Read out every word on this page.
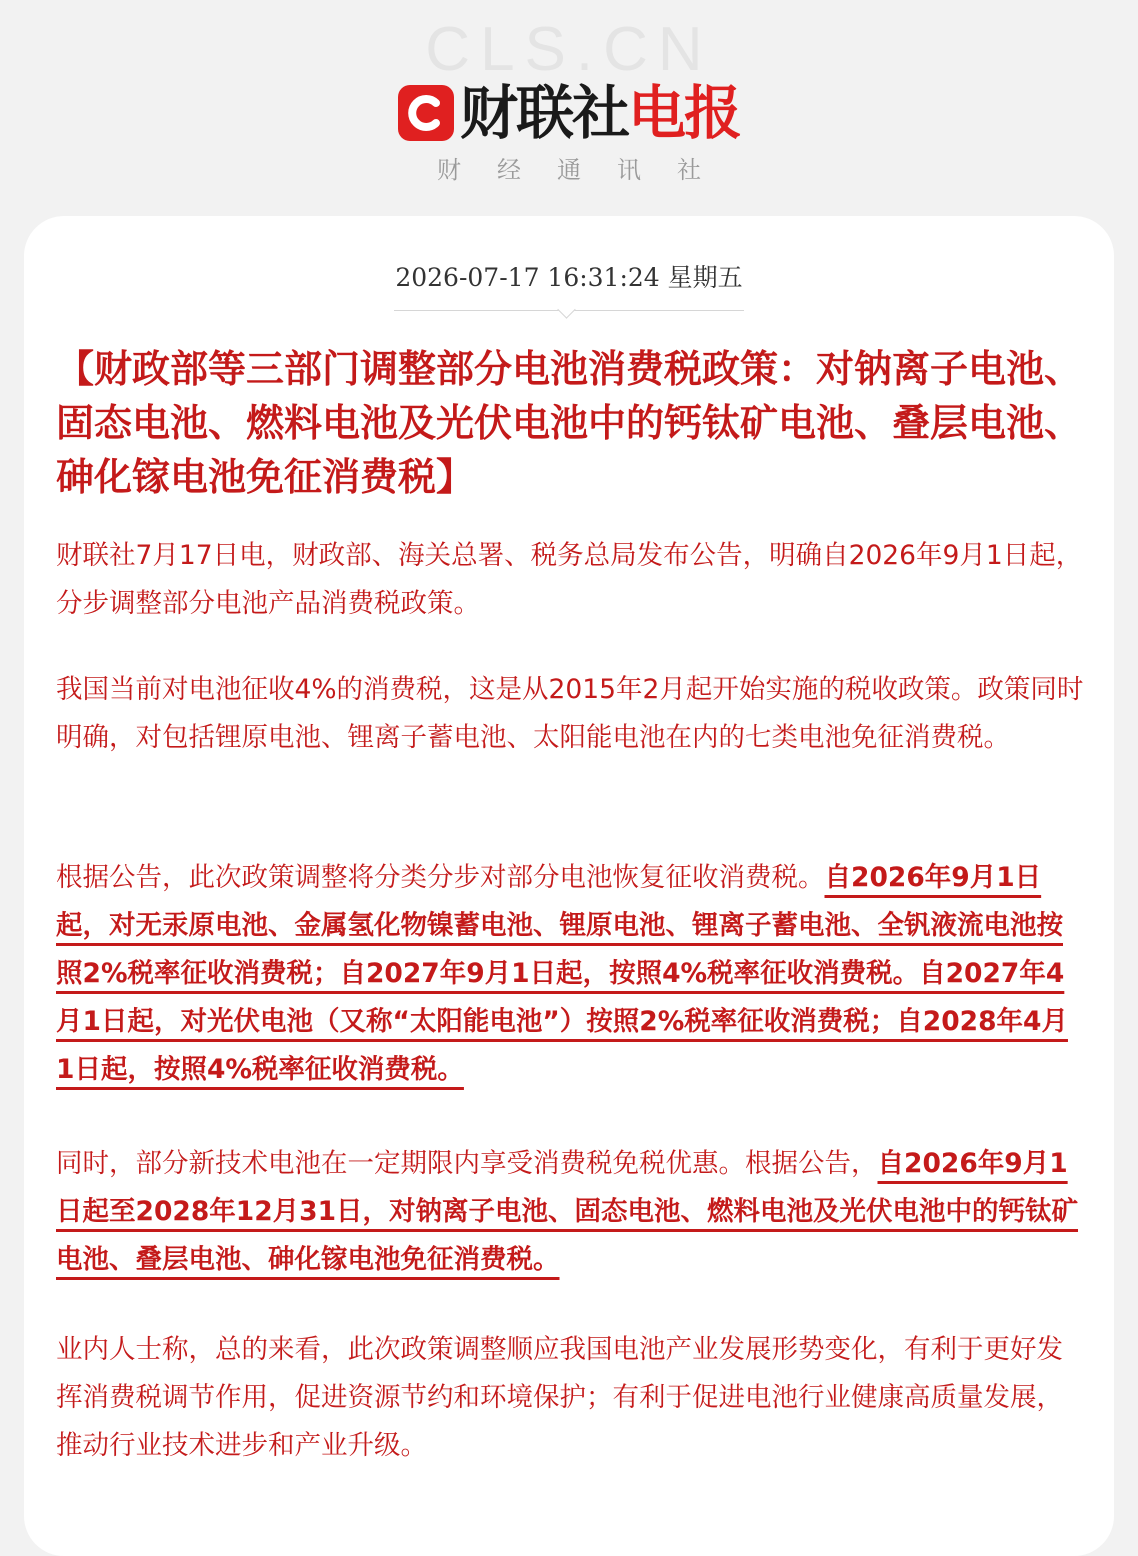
CLS.CN
财联社电报
财经通讯社
2026-07-17 16:31:24 星期五
【财政部等三部门调整部分电池消费税政策：对钠离子电池、固态电池、燃料电池及光伏电池中的钙钛矿电池、叠层电池、砷化镓电池免征消费税】

财联社7月17日电，财政部、海关总署、税务总局发布公告，明确自2026年9月1日起，分步调整部分电池产品消费税政策。

我国当前对电池征收4%的消费税，这是从2015年2月起开始实施的税收政策。政策同时明确，对包括锂原电池、锂离子蓄电池、太阳能电池在内的七类电池免征消费税。

根据公告，此次政策调整将分类分步对部分电池恢复征收消费税。自2026年9月1日起，对无汞原电池、金属氢化物镍蓄电池、锂原电池、锂离子蓄电池、全钒液流电池按照2%税率征收消费税；自2027年9月1日起，按照4%税率征收消费税。自2027年4月1日起，对光伏电池（又称“太阳能电池”）按照2%税率征收消费税；自2028年4月1日起，按照4%税率征收消费税。

同时，部分新技术电池在一定期限内享受消费税免税优惠。根据公告，自2026年9月1日起至2028年12月31日，对钠离子电池、固态电池、燃料电池及光伏电池中的钙钛矿电池、叠层电池、砷化镓电池免征消费税。

业内人士称，总的来看，此次政策调整顺应我国电池产业发展形势变化，有利于更好发挥消费税调节作用，促进资源节约和环境保护；有利于促进电池行业健康高质量发展，推动行业技术进步和产业升级。
